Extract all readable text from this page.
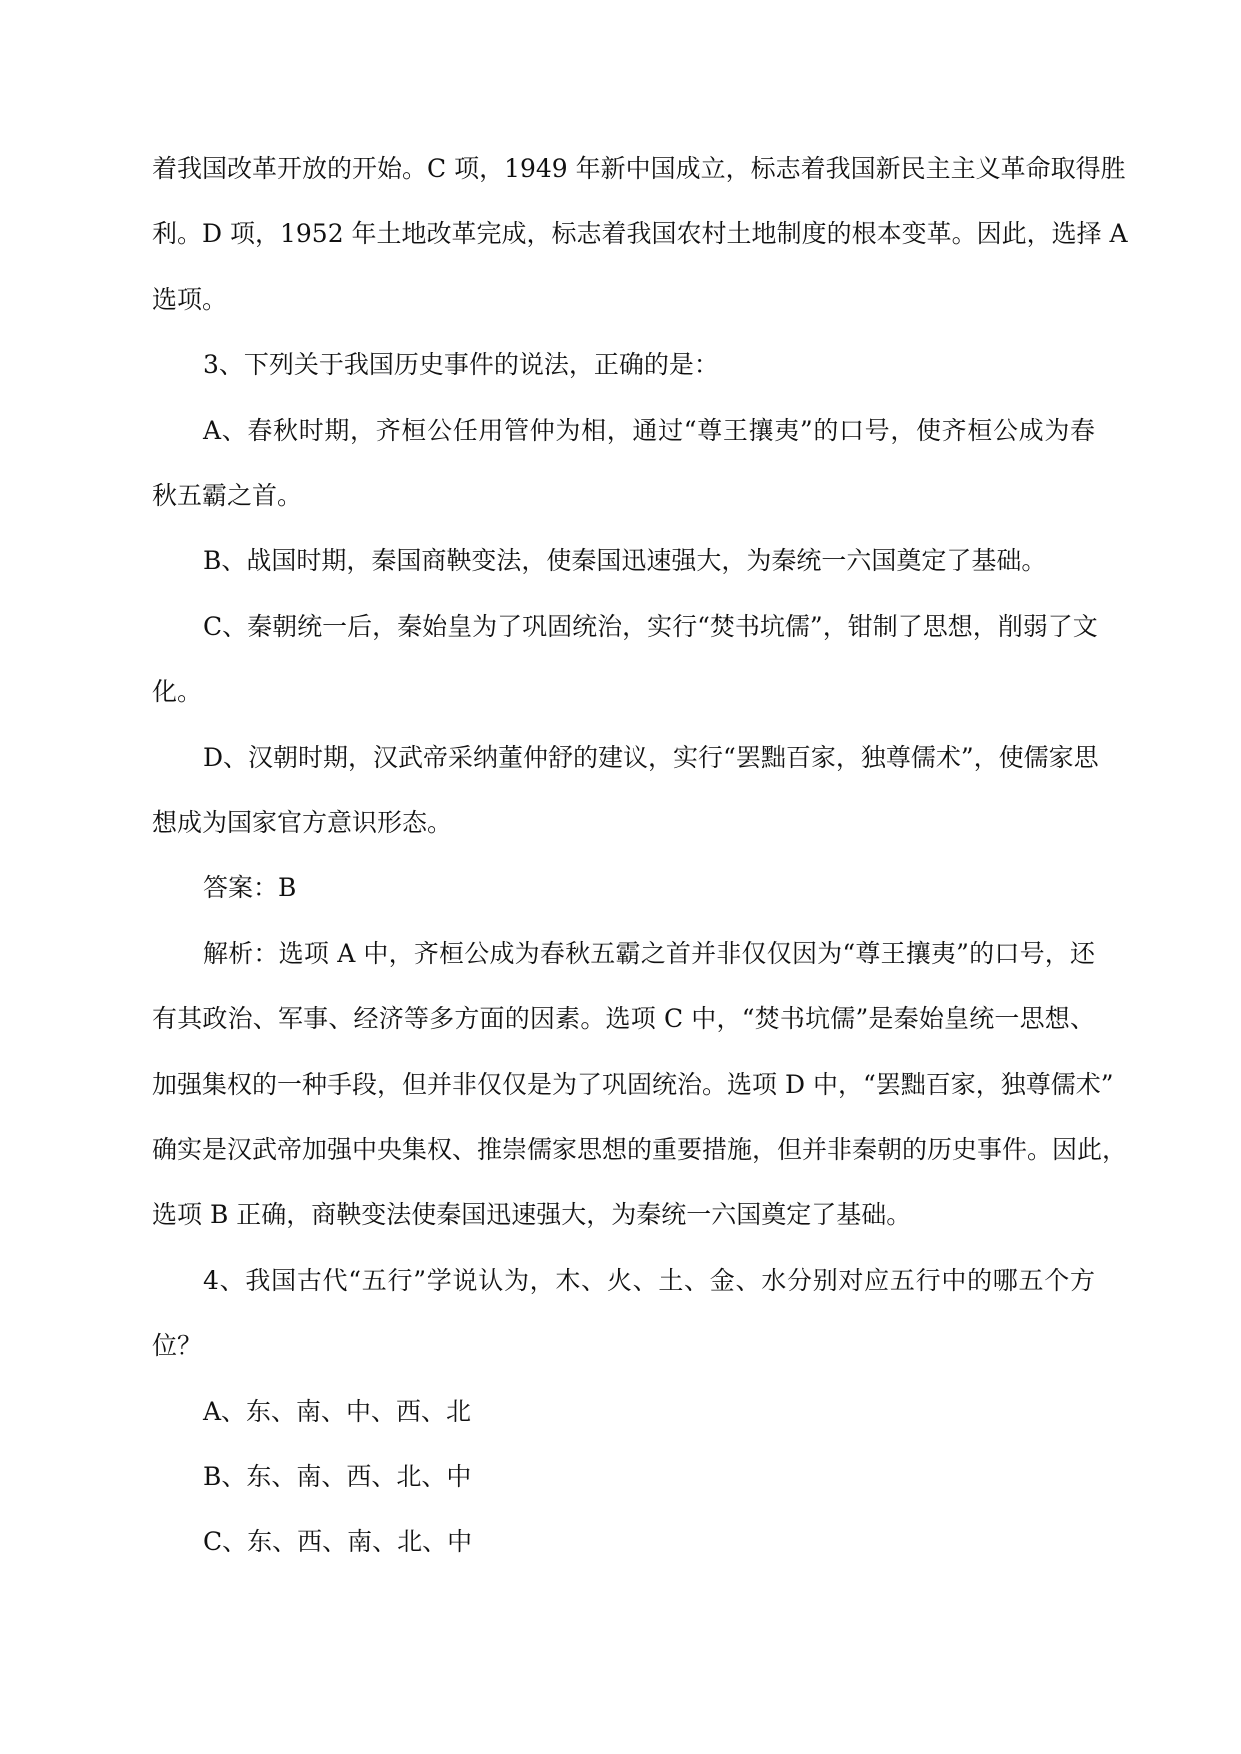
着我国改革开放的开始。C 项，1949 年新中国成立，标志着我国新民主主义革命取得胜
利。D 项，1952 年土地改革完成，标志着我国农村土地制度的根本变革。因此，选择 A
选项。
3、下列关于我国历史事件的说法，正确的是：
A、春秋时期，齐桓公任用管仲为相，通过“尊王攘夷”的口号，使齐桓公成为春
秋五霸之首。
B、战国时期，秦国商鞅变法，使秦国迅速强大，为秦统一六国奠定了基础。
C、秦朝统一后，秦始皇为了巩固统治，实行“焚书坑儒”，钳制了思想，削弱了文
化。
D、汉朝时期，汉武帝采纳董仲舒的建议，实行“罢黜百家，独尊儒术”，使儒家思
想成为国家官方意识形态。
答案：B
解析：选项 A 中，齐桓公成为春秋五霸之首并非仅仅因为“尊王攘夷”的口号，还
有其政治、军事、经济等多方面的因素。选项 C 中，“焚书坑儒”是秦始皇统一思想、
加强集权的一种手段，但并非仅仅是为了巩固统治。选项 D 中，“罢黜百家，独尊儒术”
确实是汉武帝加强中央集权、推崇儒家思想的重要措施，但并非秦朝的历史事件。因此，
选项 B 正确，商鞅变法使秦国迅速强大，为秦统一六国奠定了基础。
4、我国古代“五行”学说认为，木、火、土、金、水分别对应五行中的哪五个方
位？
A、东、南、中、西、北
B、东、南、西、北、中
C、东、西、南、北、中
